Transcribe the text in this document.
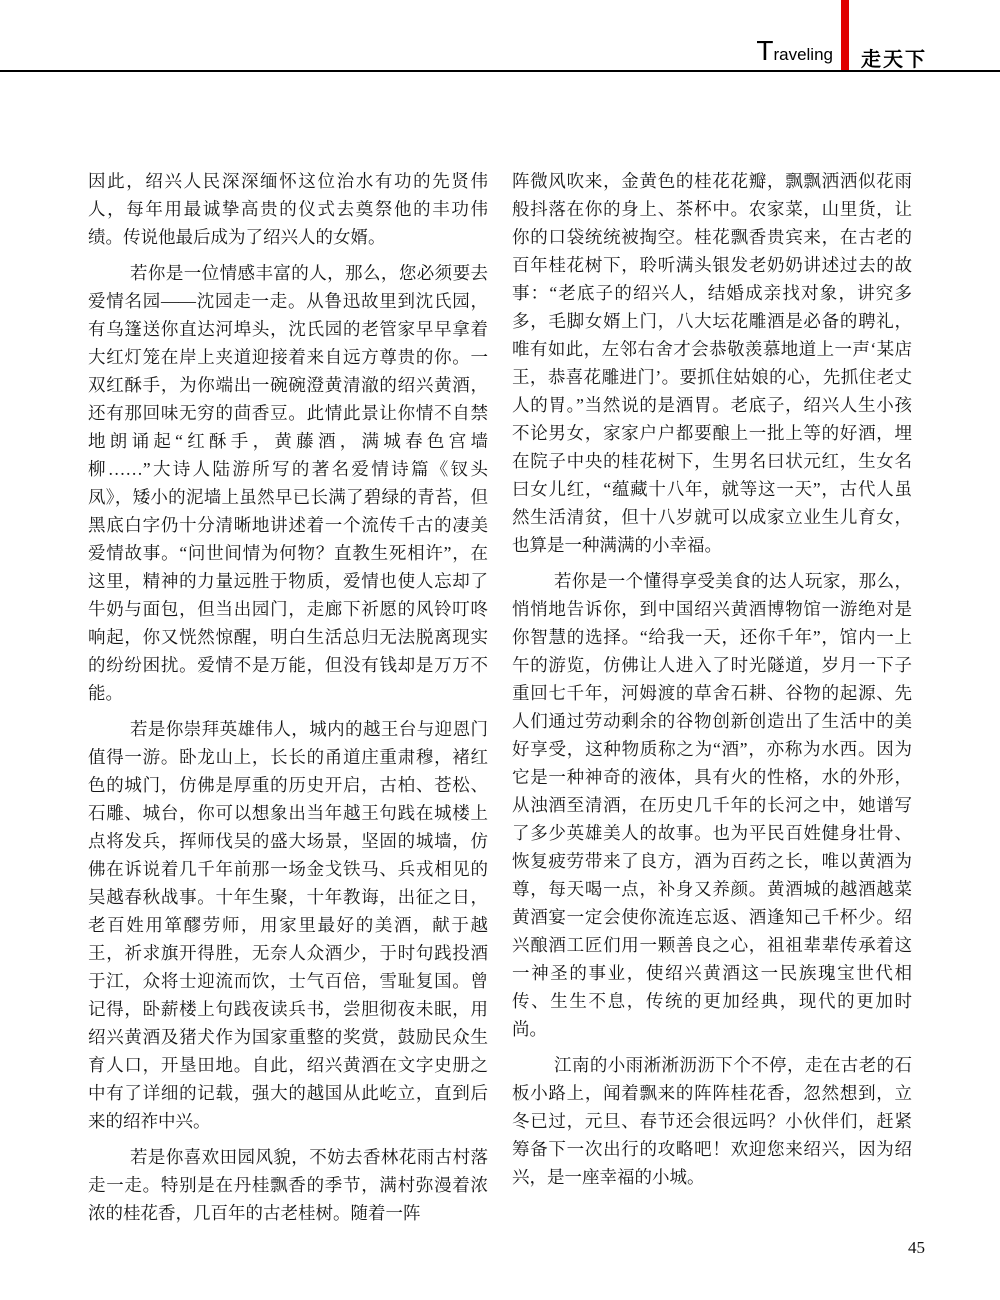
Traveling 走天下

因此，绍兴人民深深缅怀这位治水有功的先贤伟人，每年用最诚挚高贵的仪式去奠祭他的丰功伟绩。传说他最后成为了绍兴人的女婿。

若你是一位情感丰富的人，那么，您必须要去爱情名园——沈园走一走。从鲁迅故里到沈氏园，有乌篷送你直达河埠头，沈氏园的老管家早早拿着大红灯笼在岸上夹道迎接着来自远方尊贵的你。一双红酥手，为你端出一碗碗澄黄清澈的绍兴黄酒，还有那回味无穷的茴香豆。此情此景让你情不自禁地朗诵起“红酥手，黄藤酒，满城春色宫墙柳……”大诗人陆游所写的著名爱情诗篇《钗头凤》，矮小的泥墙上虽然早已长满了碧绿的青苔，但黑底白字仍十分清晰地讲述着一个流传千古的凄美爱情故事。“问世间情为何物？直教生死相许”，在这里，精神的力量远胜于物质，爱情也使人忘却了牛奶与面包，但当出园门，走廊下祈愿的风铃叮咚响起，你又恍然惊醒，明白生活总归无法脱离现实的纷纷困扰。爱情不是万能，但没有钱却是万万不能。

若是你崇拜英雄伟人，城内的越王台与迎恩门值得一游。卧龙山上，长长的甬道庄重肃穆，褚红色的城门，仿佛是厚重的历史开启，古柏、苍松、石雕、城台，你可以想象出当年越王句践在城楼上点将发兵，挥师伐吴的盛大场景，坚固的城墙，仿佛在诉说着几千年前那一场金戈铁马、兵戎相见的吴越春秋战事。十年生聚，十年教诲，出征之日，老百姓用箪醪劳师，用家里最好的美酒，献于越王，祈求旗开得胜，无奈人众酒少，于时句践投酒于江，众将士迎流而饮，士气百倍，雪耻复国。曾记得，卧薪楼上句践夜读兵书，尝胆彻夜未眠，用绍兴黄酒及猪犬作为国家重整的奖赏，鼓励民众生育人口，开垦田地。自此，绍兴黄酒在文字史册之中有了详细的记载，强大的越国从此屹立，直到后来的绍祚中兴。

若是你喜欢田园风貌，不妨去香林花雨古村落走一走。特别是在丹桂飘香的季节，满村弥漫着浓浓的桂花香，几百年的古老桂树。随着一阵

阵微风吹来，金黄色的桂花花瓣，飘飘洒洒似花雨般抖落在你的身上、茶杯中。农家菜，山里货，让你的口袋统统被掏空。桂花飘香贵宾来，在古老的百年桂花树下，聆听满头银发老奶奶讲述过去的故事：“老底子的绍兴人，结婚成亲找对象，讲究多多，毛脚女婿上门，八大坛花雕酒是必备的聘礼，唯有如此，左邻右舍才会恭敬羡慕地道上一声‘某店王，恭喜花雕进门’。要抓住姑娘的心，先抓住老丈人的胃。”当然说的是酒胃。老底子，绍兴人生小孩不论男女，家家户户都要酿上一批上等的好酒，埋在院子中央的桂花树下，生男名曰状元红，生女名曰女儿红，“蕴藏十八年，就等这一天”，古代人虽然生活清贫，但十八岁就可以成家立业生儿育女，也算是一种满满的小幸福。

若你是一个懂得享受美食的达人玩家，那么，悄悄地告诉你，到中国绍兴黄酒博物馆一游绝对是你智慧的选择。“给我一天，还你千年”，馆内一上午的游览，仿佛让人进入了时光隧道，岁月一下子重回七千年，河姆渡的草舍石耕、谷物的起源、先人们通过劳动剩余的谷物创新创造出了生活中的美好享受，这种物质称之为“酒”，亦称为水西。因为它是一种神奇的液体，具有火的性格，水的外形，从浊酒至清酒，在历史几千年的长河之中，她谱写了多少英雄美人的故事。也为平民百姓健身壮骨、恢复疲劳带来了良方，酒为百药之长，唯以黄酒为尊，每天喝一点，补身又养颜。黄酒城的越酒越菜黄酒宴一定会使你流连忘返、酒逢知己千杯少。绍兴酿酒工匠们用一颗善良之心，祖祖辈辈传承着这一神圣的事业，使绍兴黄酒这一民族瑰宝世代相传、生生不息，传统的更加经典，现代的更加时尚。

江南的小雨淅淅沥沥下个不停，走在古老的石板小路上，闻着飘来的阵阵桂花香，忽然想到，立冬已过，元旦、春节还会很远吗？小伙伴们，赶紧筹备下一次出行的攻略吧！欢迎您来绍兴，因为绍兴，是一座幸福的小城。

45
